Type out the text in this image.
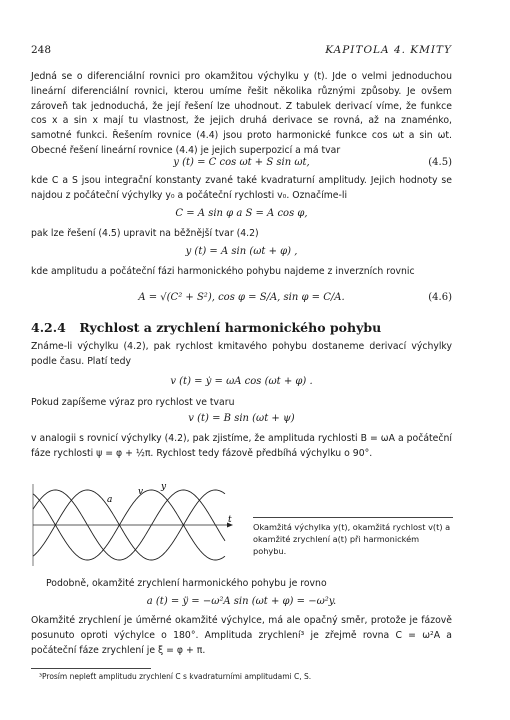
248	KAPITOLA 4. KMITY
Jedná se o diferenciální rovnici pro okamžitou výchylku y (t). Jde o velmi jednoduchou lineární diferenciální rovnici, kterou umíme řešit několika různými způsoby. Je ovšem zároveň tak jednoduchá, že její řešení lze uhodnout. Z tabulek derivací víme, že funkce cos x a sin x mají tu vlastnost, že jejich druhá derivace se rovná, až na znaménko, samotné funkci. Řešením rovnice (4.4) jsou proto harmonické funkce cos ωt a sin ωt. Obecné řešení lineární rovnice (4.4) je jejich superpozicí a má tvar
y (t) = C cos ωt + S sin ωt,	(4.5)
kde C a S jsou integrační konstanty zvané také kvadraturní amplitudy. Jejich hodnoty se najdou z počáteční výchylky y₀ a počáteční rychlosti v₀. Označíme-li
C = A sin φ a S = A cos φ,
pak lze řešení (4.5) upravit na běžnější tvar (4.2)
y (t) = A sin (ωt + φ) ,
kde amplitudu a počáteční fázi harmonického pohybu najdeme z inverzních rovnic
A = √(C² + S²), cos φ = S/A, sin φ = C/A.	(4.6)
4.2.4 Rychlost a zrychlení harmonického pohybu
Známe-li výchylku (4.2), pak rychlost kmitavého pohybu dostaneme derivací výchylky podle času. Platí tedy
v (t) = ẏ = ωA cos (ωt + φ) .
Pokud zapíšeme výraz pro rychlost ve tvaru
v (t) = B sin (ωt + ψ)
v analogii s rovnicí výchylky (4.2), pak zjistíme, že amplituda rychlosti B = ωA a počáteční fáze rychlosti ψ = φ + ½π. Rychlost tedy fázově předbíhá výchylku o 90°.
a
v y
t
Okamžitá výchylka y(t), okamžitá rychlost v(t) a okamžité zrychlení a(t) při harmonickém pohybu.
Podobně, okamžité zrychlení harmonického pohybu je rovno
a (t) = ÿ = −ω²A sin (ωt + φ) = −ω²y.
Okamžité zrychlení je úměrné okamžité výchylce, má ale opačný směr, protože je fázově posunuto oproti výchylce o 180°. Amplituda zrychlení³ je zřejmě rovna C = ω²A a počáteční fáze zrychlení je ξ = φ + π.
³Prosím nepleťt amplitudu zrychlení C s kvadraturními amplitudami C, S.
